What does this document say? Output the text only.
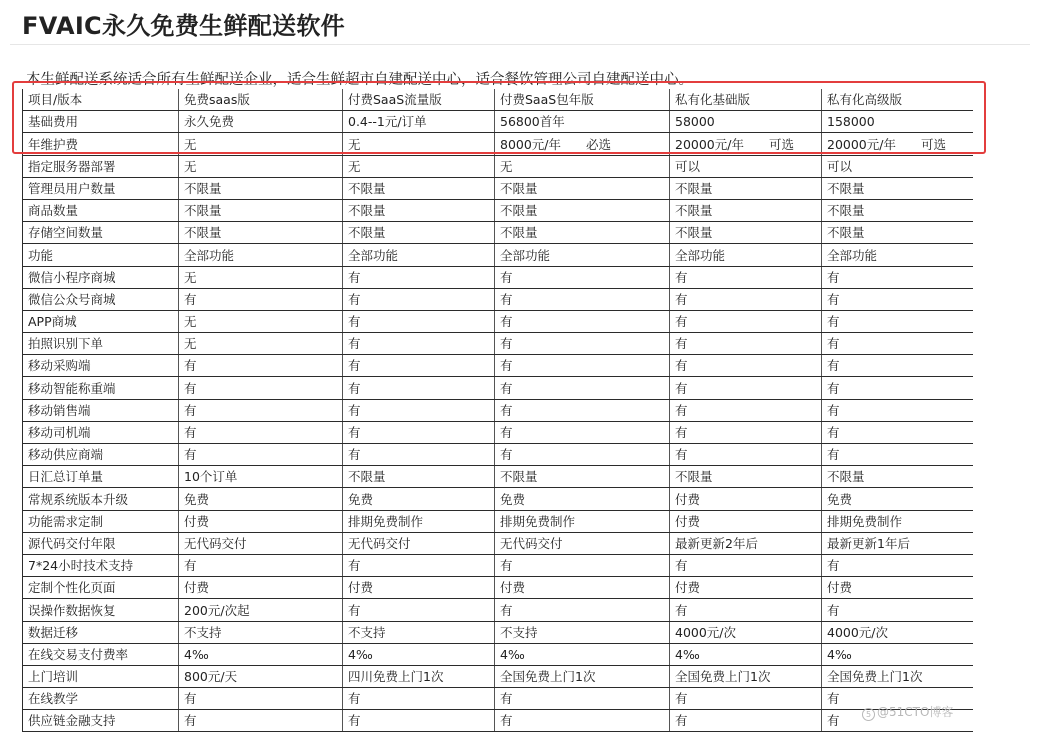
FVAIC永久免费生鲜配送软件

本生鲜配送系统适合所有生鲜配送企业，适合生鲜超市自建配送中心，适合餐饮管理公司自建配送中心。

项目/版本	免费saas版	付费SaaS流量版	付费SaaS包年版	私有化基础版	私有化高级版
基础费用	永久免费	0.4--1元/订单	56800首年	58000	158000
年维护费	无	无	8000元/年　　必选	20000元/年　　可选	20000元/年　　可选
指定服务器部署	无	无	无	可以	可以
管理员用户数量	不限量	不限量	不限量	不限量	不限量
商品数量	不限量	不限量	不限量	不限量	不限量
存储空间数量	不限量	不限量	不限量	不限量	不限量
功能	全部功能	全部功能	全部功能	全部功能	全部功能
微信小程序商城	无	有	有	有	有
微信公众号商城	有	有	有	有	有
APP商城	无	有	有	有	有
拍照识别下单	无	有	有	有	有
移动采购端	有	有	有	有	有
移动智能称重端	有	有	有	有	有
移动销售端	有	有	有	有	有
移动司机端	有	有	有	有	有
移动供应商端	有	有	有	有	有
日汇总订单量	10个订单	不限量	不限量	不限量	不限量
常规系统版本升级	免费	免费	免费	付费	免费
功能需求定制	付费	排期免费制作	排期免费制作	付费	排期免费制作
源代码交付年限	无代码交付	无代码交付	无代码交付	最新更新2年后	最新更新1年后
7*24小时技术支持	有	有	有	有	有
定制个性化页面	付费	付费	付费	付费	付费
误操作数据恢复	200元/次起	有	有	有	有
数据迁移	不支持	不支持	不支持	4000元/次	4000元/次
在线交易支付费率	4‰	4‰	4‰	4‰	4‰
上门培训	800元/天	四川免费上门1次	全国免费上门1次	全国免费上门1次	全国免费上门1次
在线教学	有	有	有	有	有
供应链金融支持	有	有	有	有	有	5 @51CTO博客
